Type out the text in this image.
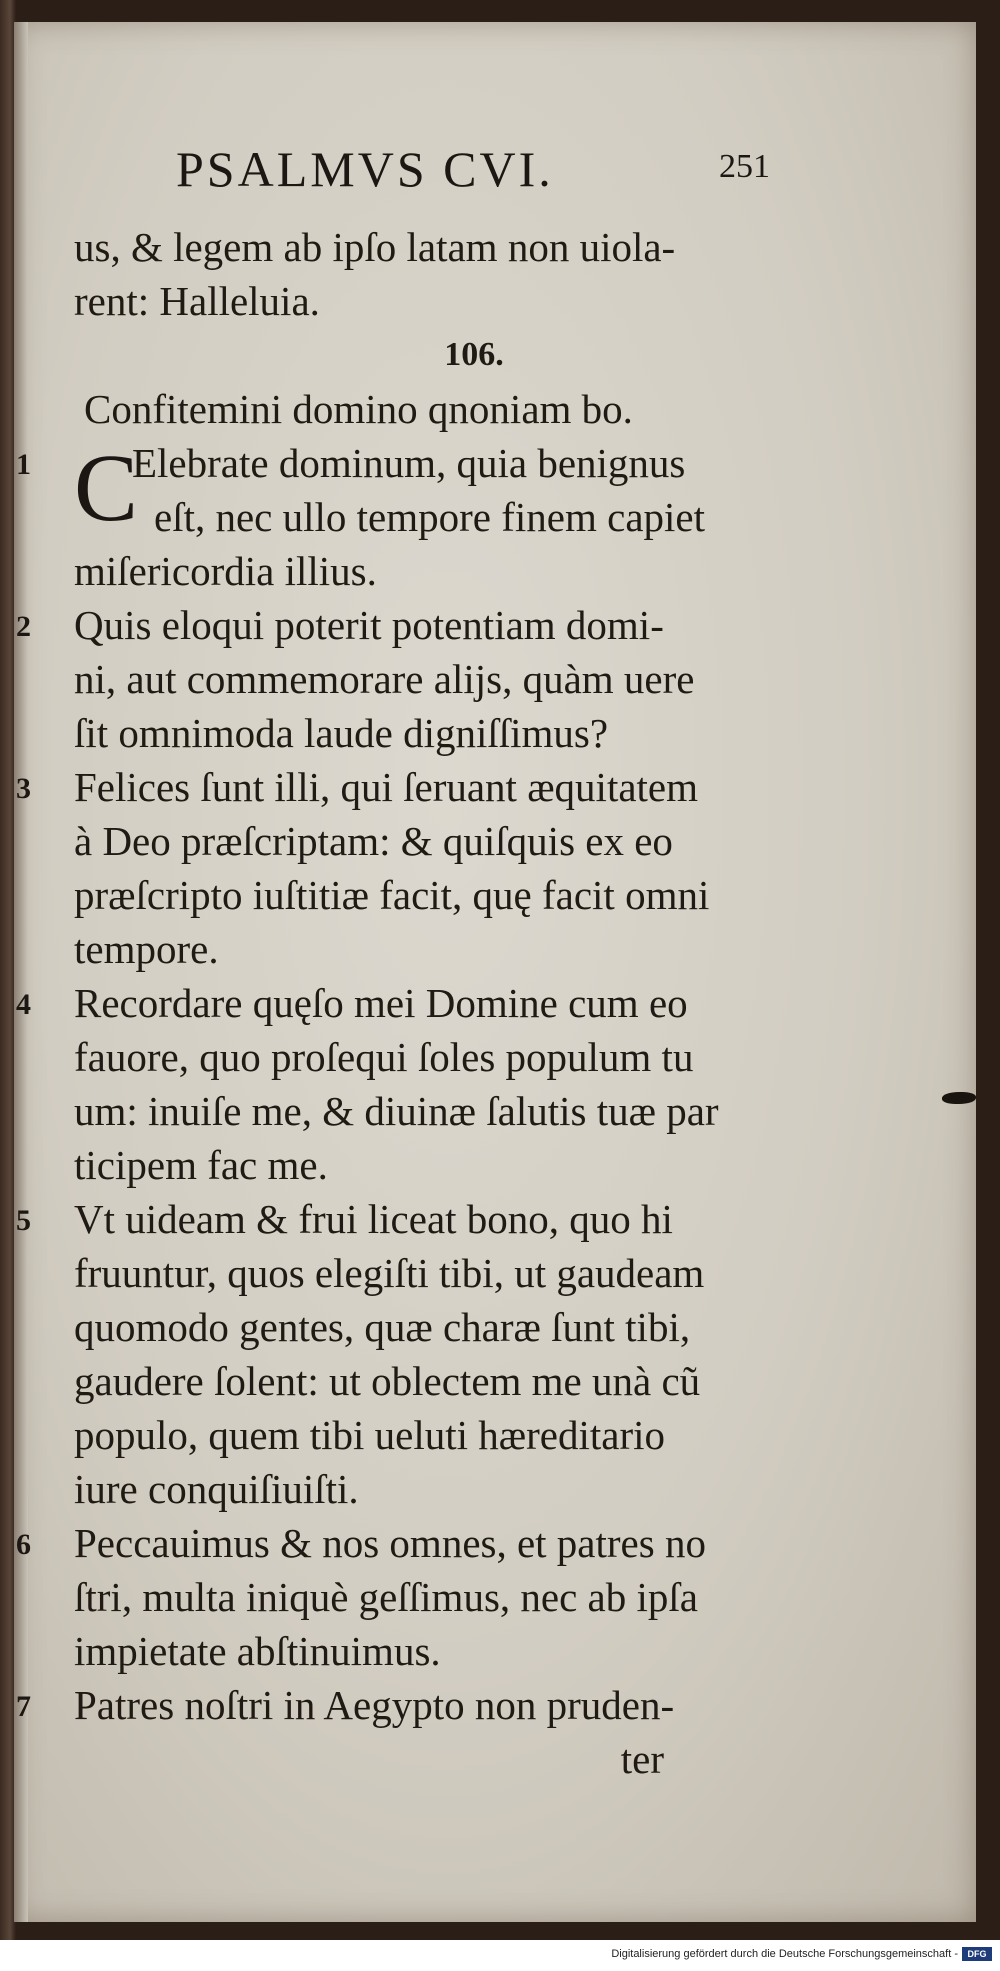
PSALMVS CVI.	251
us, & legem ab ipſo latam non uiola-
rent: Halleluia.
106.
Confitemini domino qnoniam bo.
1 C
Elebrate dominum, quia benignus
eſt, nec ullo tempore finem capiet
miſericordia illius.
2 Quis eloqui poterit potentiam domi-
ni, aut commemorare alijs, quàm uere
ſit omnimoda laude digniſſimus?
3 Felices ſunt illi, qui ſeruant æquitatem
à Deo præſcriptam: & quiſquis ex eo
præſcripto iuſtitiæ facit, quę facit omni
tempore.
4 Recordare quęſo mei Domine cum eo
fauore, quo proſequi ſoles populum tu
um: inuiſe me, & diuinæ ſalutis tuæ par
ticipem fac me.
5 Vt uideam & frui liceat bono, quo hi
fruuntur, quos elegiſti tibi, ut gaudeam
quomodo gentes, quæ charæ ſunt tibi,
gaudere ſolent: ut oblectem me unà cũ
populo, quem tibi ueluti hæreditario
iure conquiſiuiſti.
6 Peccauimus & nos omnes, et patres no
ſtri, multa iniquè geſſimus, nec ab ipſa
impietate abſtinuimus.
7 Patres noſtri in Aegypto non pruden-
ter
Digitalisierung gefördert durch die Deutsche Forschungsgemeinschaft -	DFG
